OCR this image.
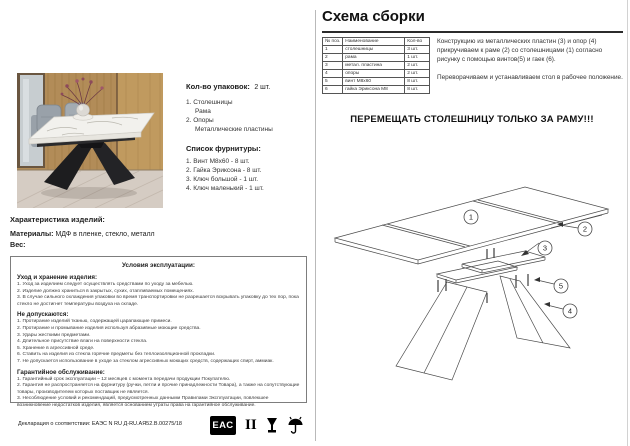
Кол-во упаковок: 2 шт.
1. Столешницы
Рама
2. Опоры
Металлические пластины
Список фурнитуры:
1. Винт М8х60 - 8 шт.
2. Гайка Эриксона - 8 шт.
3. Ключ большой - 1 шт.
4. Ключ маленький - 1 шт.
Характеристика изделий:
Материалы: МДФ в пленке, стекло, металл
Вес:
Условия эксплуатации:
Уход и хранение изделия:
1. Уход за изделием следует осуществлять средствами по уходу за мебелью.
2. Изделие должно храниться в закрытых, сухих, отапливаемых помещениях.
3. В случае сильного охлаждения упаковки во время транспортировки не разрешается вскрывать упаковку до тех пор, пока стекло не достигнет температуры воздуха на складе.
Не допускаются:
1. Протирание изделий тканью, содержащей царапающие примеси.
2. Протирание и промывание изделия используя абразивные моющие средства.
3. Удары жесткими предметами.
4. Длительное присутствие влаги на поверхности стекла.
5. Хранение в агрессивной среде.
6. Ставить на изделия из стекла горячие предметы без теплоизоляционной прокладки.
7. Не допускается использование в уходе за стеклом агрессивных моющих средств, содержащих спирт, аммиак.
Гарантийное обслуживание:
1. Гарантийный срок эксплуатации – 12 месяцев с момента передачи продукции Покупателю.
2. Гарантия не распространяется на фурнитуру (ручки, петли и прочие принадлежности Товара), а также на сопутствующие товары, производителем которых поставщик не является.
3. Несоблюдение условий и рекомендаций, предусмотренных данными Правилами Эксплуатации, повлекшее возникновение недостатков изделия, является основанием утраты права на гарантийное обслуживание.
Декларация о соответствии: ЕАЭС N RU Д-RU.АЯ52.В.00275/18	ЕАС II
Схема сборки
№ поз.	Наименование	Кол-во
1	столешницы	3 шт.
2	рама	1 шт.
3	метал. пластина	2 шт.
4	опоры	2 шт.
5	винт М8х60	8 шт.
6	гайка Эриксона М8	8 шт.

Конструкцию из металлических пластин (3) и опор (4) прикручиваем к раме (2) со столешницами (1) согласно рисунку с помощью винтов(5) и гаек (6).

Переворачиваем и устанавливаем стол в рабочее положение.

ПЕРЕМЕЩАТЬ СТОЛЕШНИЦУ ТОЛЬКО ЗА РАМУ!!!
1
2
3
5
4
